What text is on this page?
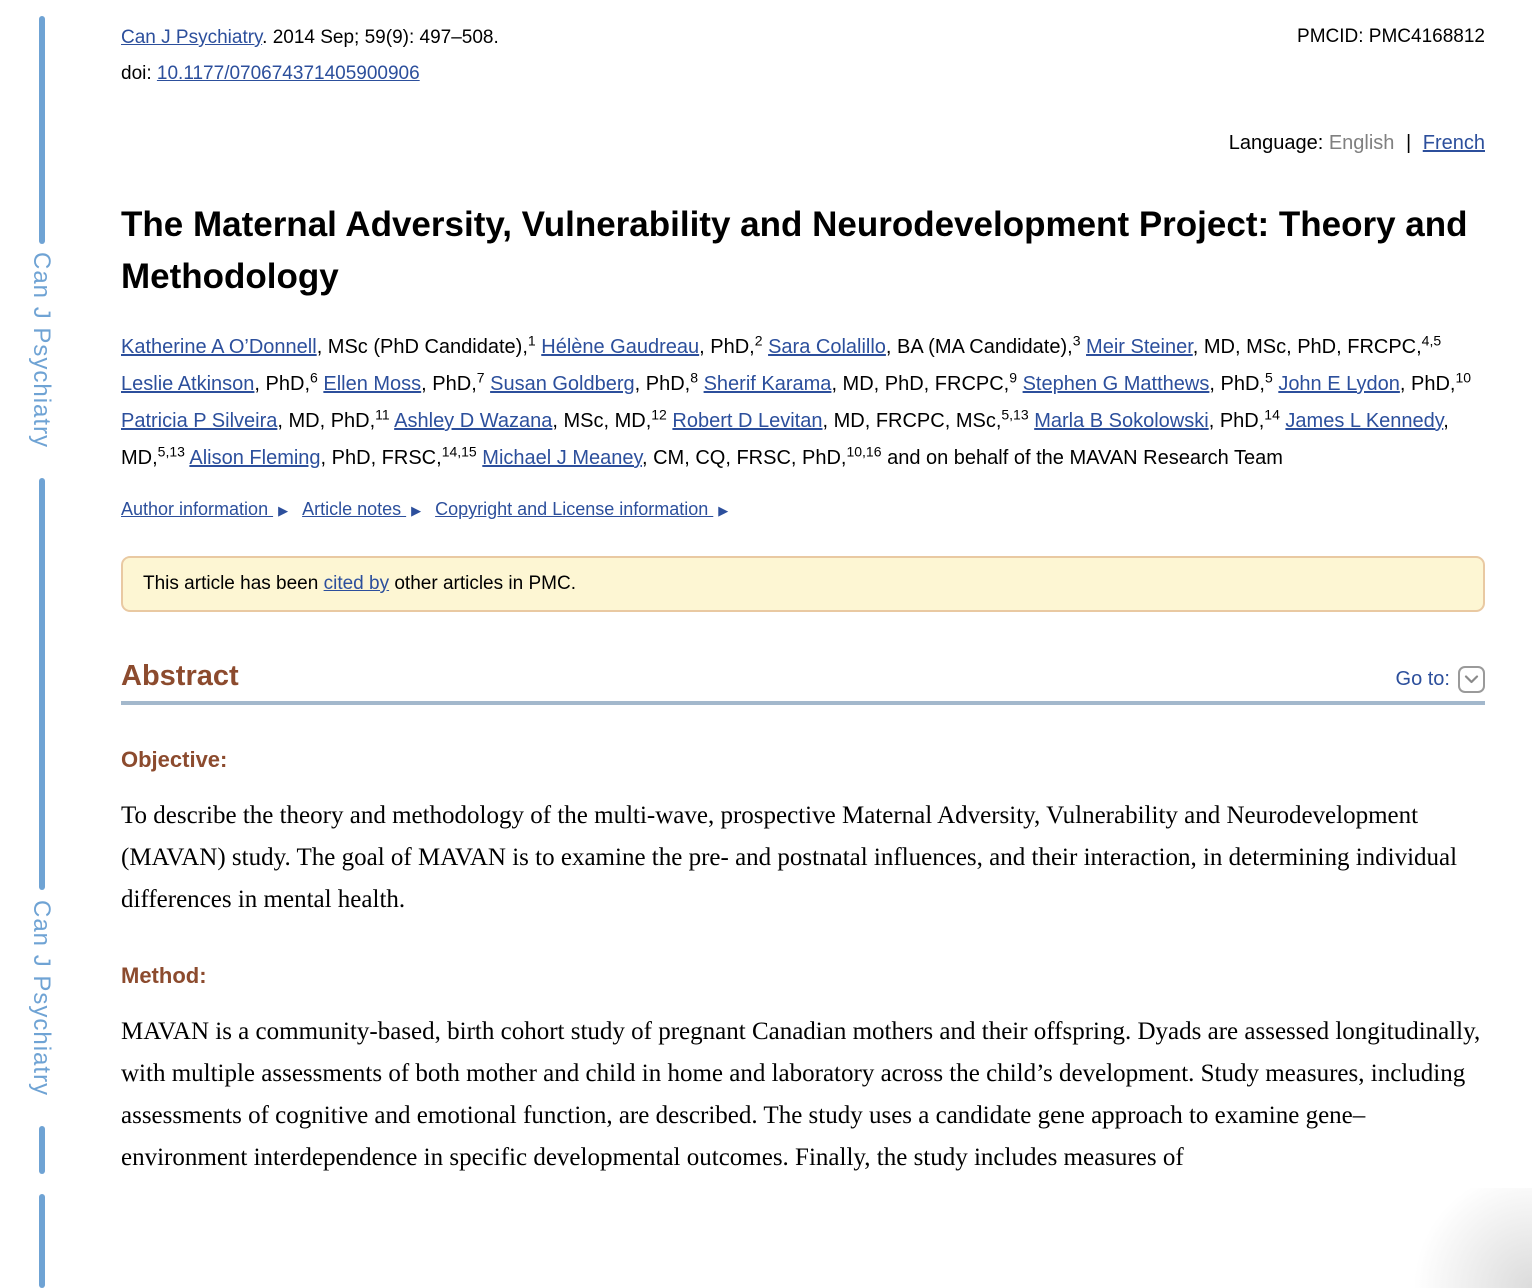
Can J Psychiatry
Can J Psychiatry
Can J Psychiatry. 2014 Sep; 59(9): 497–508.
doi: 10.1177/070674371405900906
PMCID: PMC4168812
Language: English | French
The Maternal Adversity, Vulnerability and Neurodevelopment Project: Theory and Methodology
Katherine A O’Donnell, MSc (PhD Candidate),$^1$ Hélène Gaudreau, PhD,$^2$ Sara Colalillo, BA (MA Candidate),$^3$ Meir Steiner, MD, MSc, PhD, FRCPC,$^{4,5}$ Leslie Atkinson, PhD,$^6$ Ellen Moss, PhD,$^7$ Susan Goldberg, PhD,$^8$ Sherif Karama, MD, PhD, FRCPC,$^9$ Stephen G Matthews, PhD,$^5$ John E Lydon, PhD,$^{10}$ Patricia P Silveira, MD, PhD,$^{11}$ Ashley D Wazana, MSc, MD,$^{12}$ Robert D Levitan, MD, FRCPC, MSc,$^{5,13}$ Marla B Sokolowski, PhD,$^{14}$ James L Kennedy, MD,$^{5,13}$ Alison Fleming, PhD, FRSC,$^{14,15}$ Michael J Meaney, CM, CQ, FRSC, PhD,$^{10,16}$ and on behalf of the MAVAN Research Team
Author information ▶ Article notes ▶ Copyright and License information ▶
This article has been cited by other articles in PMC.
Abstract	Go to:
Objective:

To describe the theory and methodology of the multi-wave, prospective Maternal Adversity, Vulnerability and Neurodevelopment (MAVAN) study. The goal of MAVAN is to examine the pre- and postnatal influences, and their interaction, in determining individual differences in mental health.

Method:

MAVAN is a community-based, birth cohort study of pregnant Canadian mothers and their offspring. Dyads are assessed longitudinally, with multiple assessments of both mother and child in home and laboratory across the child’s development. Study measures, including assessments of cognitive and emotional function, are described. The study uses a candidate gene approach to examine gene–environment interdependence in specific developmental outcomes. Finally, the study includes measures of
